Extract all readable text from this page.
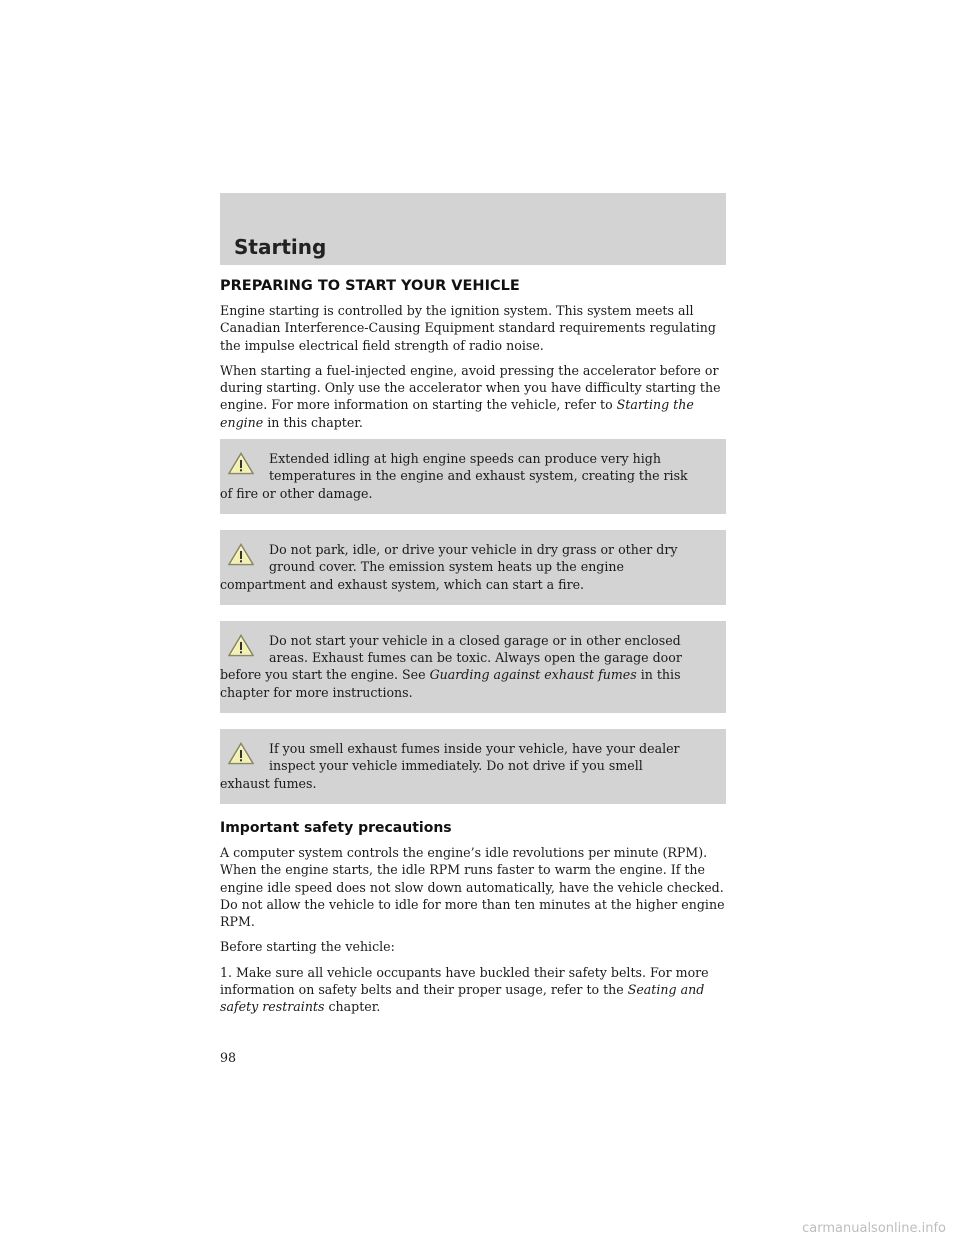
Starting
PREPARING TO START YOUR VEHICLE

Engine starting is controlled by the ignition system. This system meets all Canadian Interference-Causing Equipment standard requirements regulating the impulse electrical field strength of radio noise.

When starting a fuel-injected engine, avoid pressing the accelerator before or during starting. Only use the accelerator when you have difficulty starting the engine. For more information on starting the vehicle, refer to Starting the engine in this chapter.

Extended idling at high engine speeds can produce very high temperatures in the engine and exhaust system, creating the risk
of fire or other damage.
Do not park, idle, or drive your vehicle in dry grass or other dry ground cover. The emission system heats up the engine
compartment and exhaust system, which can start a fire.
Do not start your vehicle in a closed garage or in other enclosed areas. Exhaust fumes can be toxic. Always open the garage door
before you start the engine. See Guarding against exhaust fumes in this chapter for more instructions.
If you smell exhaust fumes inside your vehicle, have your dealer inspect your vehicle immediately. Do not drive if you smell
exhaust fumes.
Important safety precautions

A computer system controls the engine’s idle revolutions per minute (RPM). When the engine starts, the idle RPM runs faster to warm the engine. If the engine idle speed does not slow down automatically, have the vehicle checked. Do not allow the vehicle to idle for more than ten minutes at the higher engine RPM.

Before starting the vehicle:

1. Make sure all vehicle occupants have buckled their safety belts. For more information on safety belts and their proper usage, refer to the Seating and safety restraints chapter.

98
carmanualsonline.info
